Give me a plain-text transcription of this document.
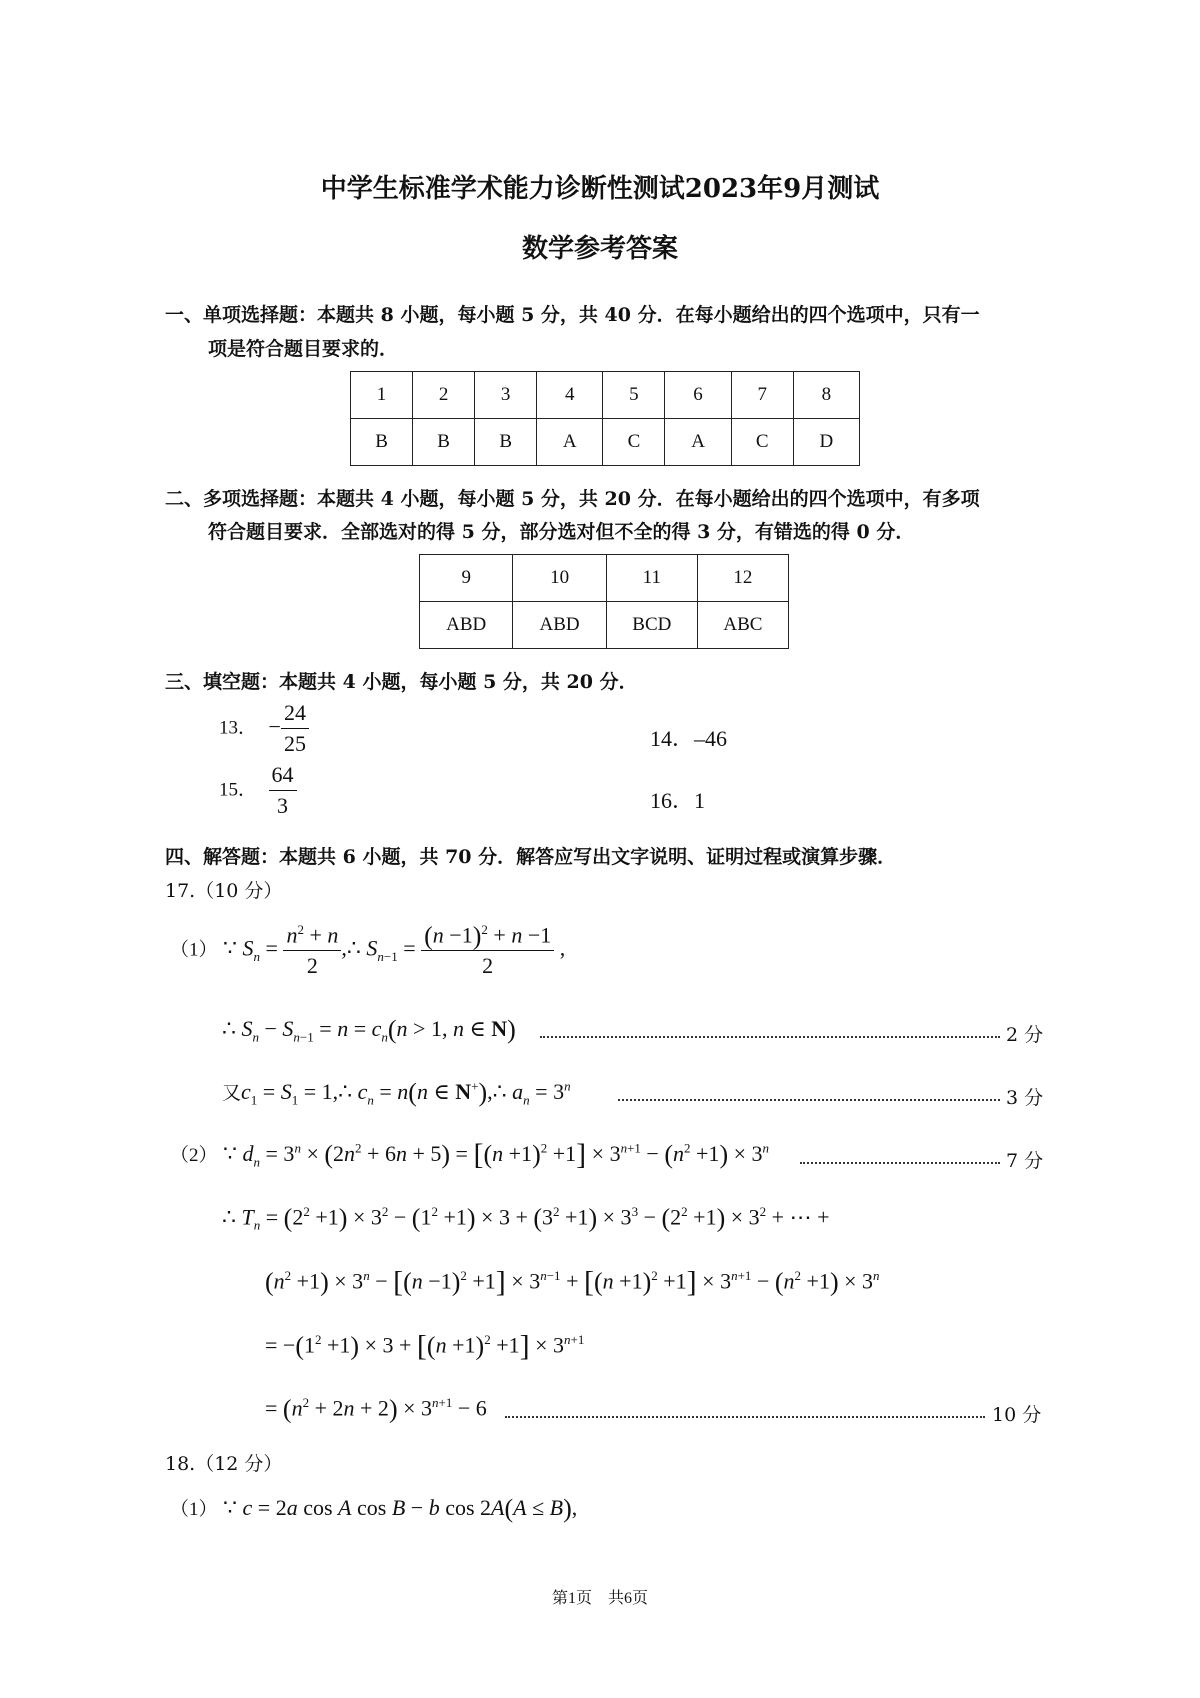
中学生标准学术能力诊断性测试2023年9月测试
数学参考答案
一、单项选择题：本题共 8 小题，每小题 5 分，共 40 分．在每小题给出的四个选项中，只有一
项是符合题目要求的．
1	2	3	4	5	6	7	8
B	B	B	A	C	A	C	D
二、多项选择题：本题共 4 小题，每小题 5 分，共 20 分．在每小题给出的四个选项中，有多项
符合题目要求．全部选对的得 5 分，部分选对但不全的得 3 分，有错选的得 0 分．
9	10	11	12
ABD	ABD	BCD	ABC
三、填空题：本题共 4 小题，每小题 5 分，共 20 分．
13． − $\frac{24}{25}$	14．–46
15． $\frac{64}{3}$	16．1
四、解答题：本题共 6 小题，共 70 分．解答应写出文字说明、证明过程或演算步骤．
17.（10 分）
（1） ∵ $S_n = \frac{n^2 + n}{2}$ ,∴ $S_{n-1} = \frac{(n -1)^2 + n -1}{2}$ ,
∴ $S_n - S_{n-1} = n = c_n(n > 1$, n ∈ N)	2 分
又$c_1 = S_1$ = 1,∴ $c_n = n(n$ ∈ N+),∴ $a_n = 3^n$
3 分
（2） ∵ $d_n = 3^n \times (2n^2 + 6n + 5) = [(n +1)^2 +1] \times 3^{n+1} - (n^2 +1) \times 3^n$
7 分
∴ $T_n = (2^2 +1) \times 3^2 - (1^2 +1) \times 3 + (3^2 +1) \times 3^3 - (2^2 +1) \times 3^2$ + ⋯ +
$(n^2 +1) \times 3^n - [(n -1)^2 +1] \times 3^{n-1} + [(n +1)^2 +1] \times 3^{n+1} - (n^2 +1) \times 3^n$
= $-(1^2 +1) \times 3 + [(n +1)^2 +1] \times 3^{n+1}$
= $(n^2 + 2n + 2) \times 3^{n+1} - 6$	10 分
18.（12 分）
（1） ∵ c = 2a cos A cos B − b cos 2A(A ≤ B),
第1页　共6页
